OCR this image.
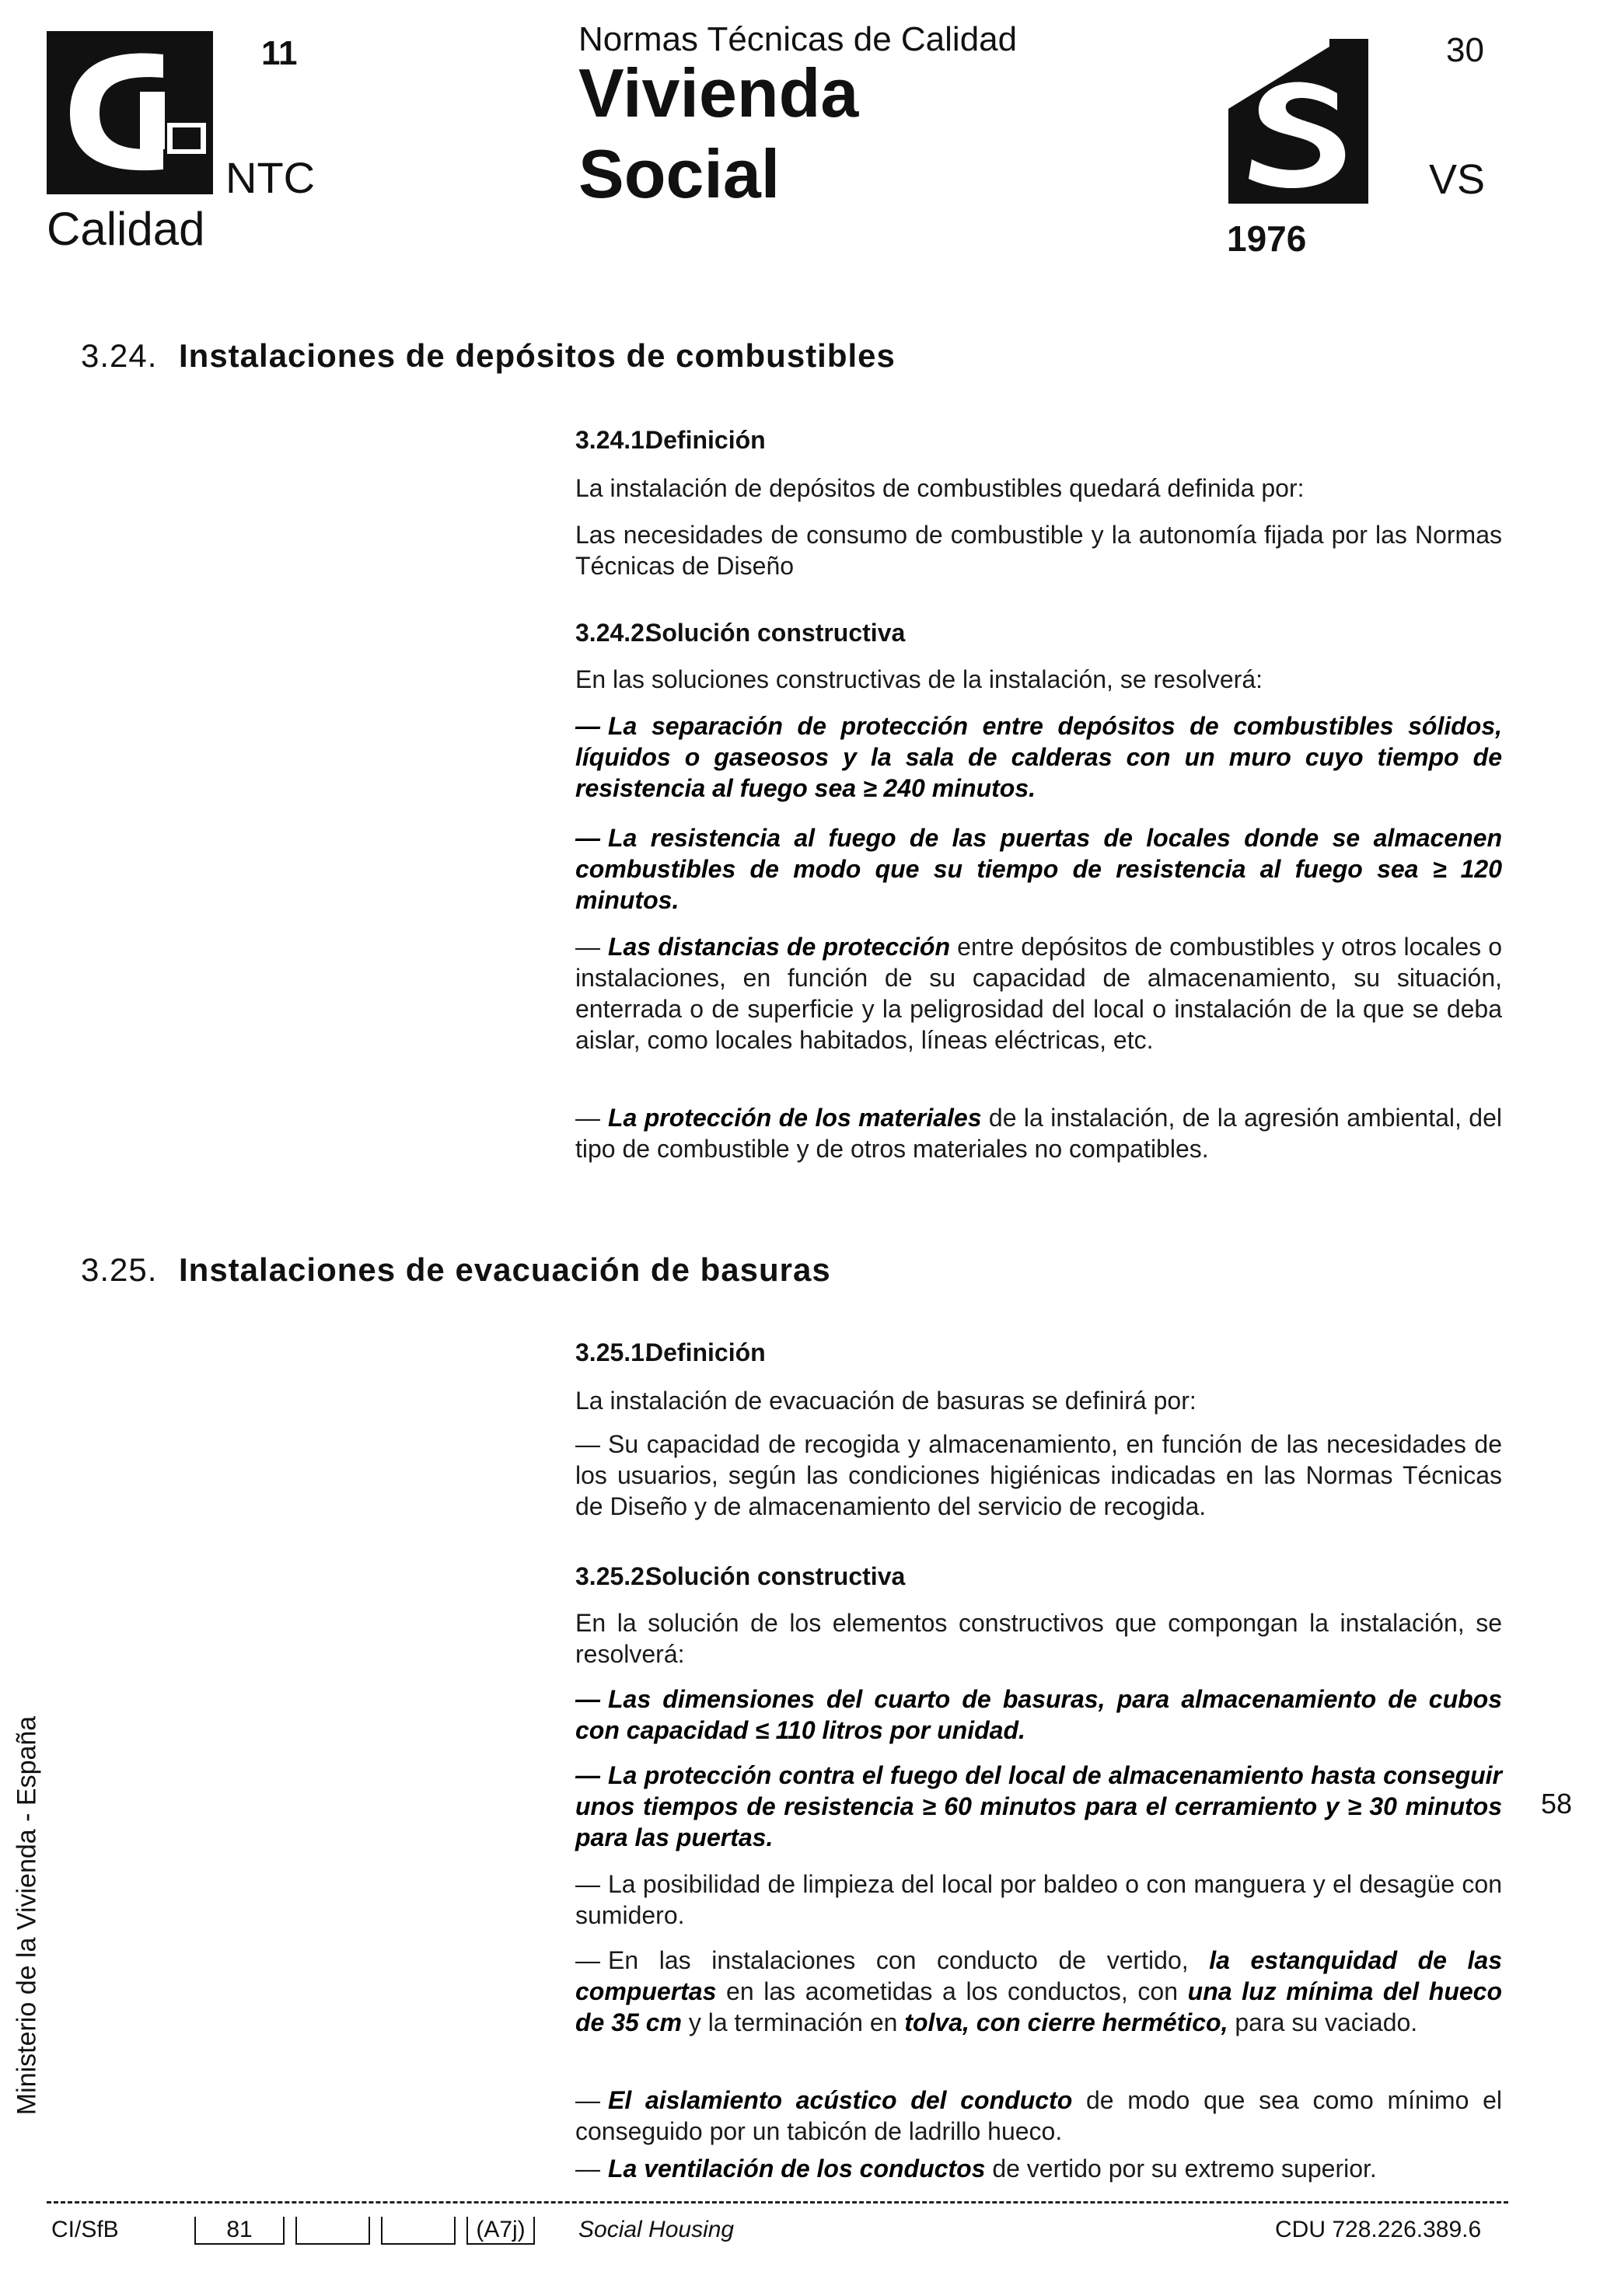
11
NTC
Calidad
Normas Técnicas de Calidad
Vivienda
Social
30
VS
1976
3.24. Instalaciones de depósitos de combustibles
3.24.1.Definición
La instalación de depósitos de combustibles quedará definida por:
Las necesidades de consumo de combustible y la autonomía fijada por las Normas Técnicas de Diseño
3.24.2.Solución constructiva
En las soluciones constructivas de la instalación, se resolverá:
— La separación de protección entre depósitos de combustibles sólidos, líquidos o gaseosos y la sala de calderas con un muro cuyo tiempo de resistencia al fuego sea ≥ 240 minutos.
— La resistencia al fuego de las puertas de locales donde se almacenen combustibles de modo que su tiempo de resistencia al fuego sea ≥ 120 minutos.
— Las distancias de protección entre depósitos de combustibles y otros locales o instalaciones, en función de su capacidad de almacenamiento, su situación, enterrada o de superficie y la peligrosidad del local o instalación de la que se deba aislar, como locales habitados, líneas eléctricas, etc.
— La protección de los materiales de la instalación, de la agresión ambiental, del tipo de combustible y de otros materiales no compatibles.
3.25. Instalaciones de evacuación de basuras
3.25.1.Definición
La instalación de evacuación de basuras se definirá por:
— Su capacidad de recogida y almacenamiento, en función de las necesidades de los usuarios, según las condiciones higiénicas indicadas en las Normas Técnicas de Diseño y de almacenamiento del servicio de recogida.
3.25.2.Solución constructiva
En la solución de los elementos constructivos que compongan la instalación, se resolverá:
— Las dimensiones del cuarto de basuras, para almacenamiento de cubos con capacidad ≤ 110 litros por unidad.
— La protección contra el fuego del local de almacenamiento hasta conseguir unos tiempos de resistencia ≥ 60 minutos para el cerramiento y ≥ 30 minutos para las puertas.
— La posibilidad de limpieza del local por baldeo o con manguera y el desagüe con sumidero.
— En las instalaciones con conducto de vertido, la estanquidad de las compuertas en las acometidas a los conductos, con una luz mínima del hueco de 35 cm y la terminación en tolva, con cierre hermético, para su vaciado.
— El aislamiento acústico del conducto de modo que sea como mínimo el conseguido por un tabicón de ladrillo hueco.
— La ventilación de los conductos de vertido por su extremo superior.
Ministerio de la Vivienda - España	58
CI/SfB	81	(A7j)	Social Housing	CDU 728.226.389.6
